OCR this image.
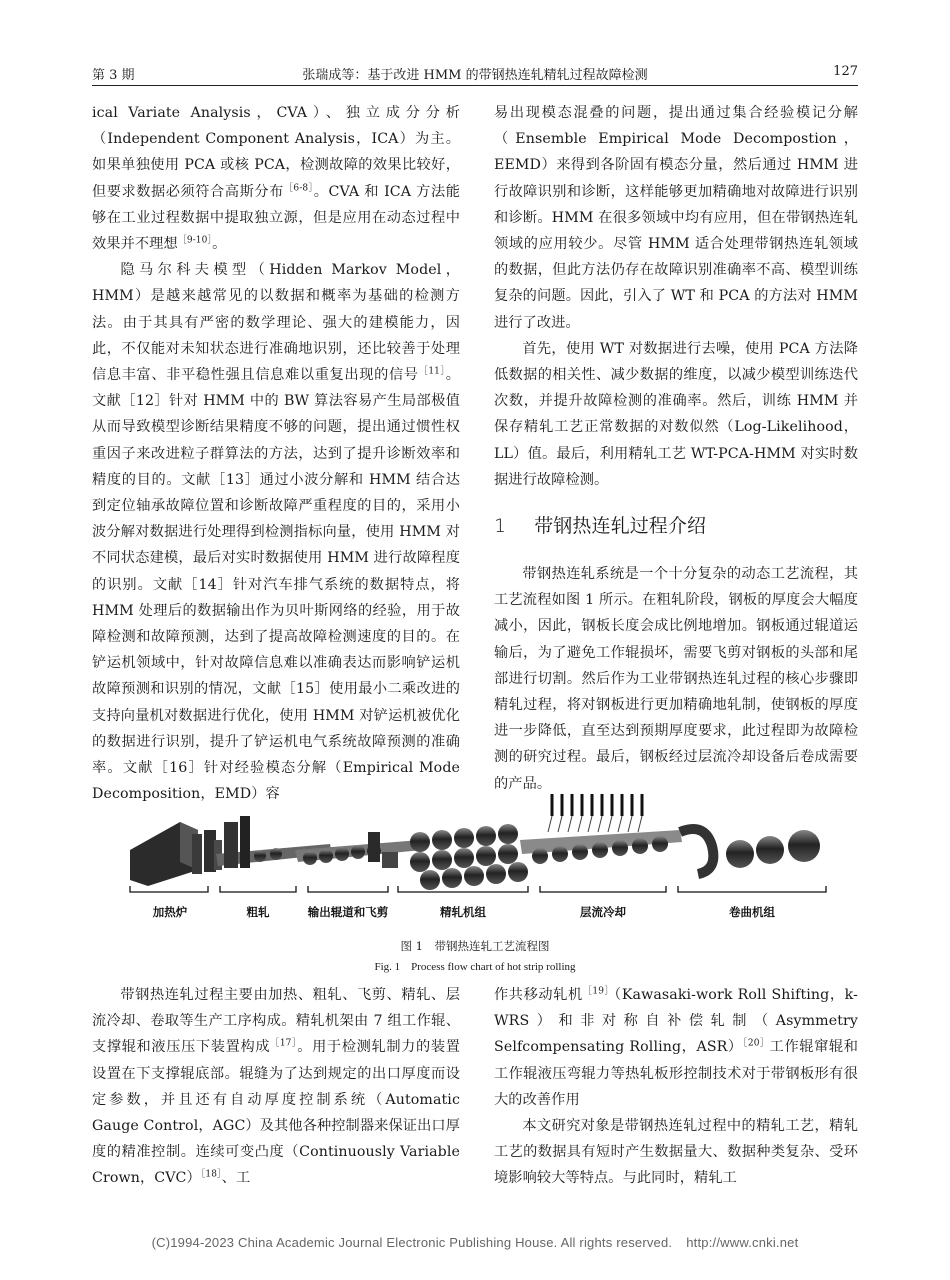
第 3 期	张瑞成等：基于改进 HMM 的带钢热连轧精轧过程故障检测	127

ical Variate Analysis，CVA）、独立成分分析（Independent Component Analysis，ICA）为主。如果单独使用 PCA 或核 PCA，检测故障的效果比较好，但要求数据必须符合高斯分布$^{[6-8]}$。CVA 和 ICA 方法能够在工业过程数据中提取独立源，但是应用在动态过程中效果并不理想$^{[9-10]}$。

隐马尔科夫模型（Hidden Markov Model，HMM）是越来越常见的以数据和概率为基础的检测方法。由于其具有严密的数学理论、强大的建模能力，因此，不仅能对未知状态进行准确地识别，还比较善于处理信息丰富、非平稳性强且信息难以重复出现的信号$^{[11]}$。文献［12］针对 HMM 中的 BW 算法容易产生局部极值从而导致模型诊断结果精度不够的问题，提出通过惯性权重因子来改进粒子群算法的方法，达到了提升诊断效率和精度的目的。文献［13］通过小波分解和 HMM 结合达到定位轴承故障位置和诊断故障严重程度的目的，采用小波分解对数据进行处理得到检测指标向量，使用 HMM 对不同状态建模，最后对实时数据使用 HMM 进行故障程度的识别。文献［14］针对汽车排气系统的数据特点，将 HMM 处理后的数据输出作为贝叶斯网络的经验，用于故障检测和故障预测，达到了提高故障检测速度的目的。在铲运机领域中，针对故障信息难以准确表达而影响铲运机故障预测和识别的情况，文献［15］使用最小二乘改进的支持向量机对数据进行优化，使用 HMM 对铲运机被优化的数据进行识别，提升了铲运机电气系统故障预测的准确率。文献［16］针对经验模态分解（Empirical Mode Decomposition，EMD）容

易出现模态混叠的问题，提出通过集合经验模记分解（Ensemble Empirical Mode Decompostion，EEMD）来得到各阶固有模态分量，然后通过 HMM 进行故障识别和诊断，这样能够更加精确地对故障进行识别和诊断。HMM 在很多领域中均有应用，但在带钢热连轧领域的应用较少。尽管 HMM 适合处理带钢热连轧领域的数据，但此方法仍存在故障识别准确率不高、模型训练复杂的问题。因此，引入了 WT 和 PCA 的方法对 HMM 进行了改进。

首先，使用 WT 对数据进行去噪，使用 PCA 方法降低数据的相关性、减少数据的维度，以减少模型训练迭代次数，并提升故障检测的准确率。然后，训练 HMM 并保存精轧工艺正常数据的对数似然（Log-Likelihood，LL）值。最后，利用精轧工艺 WT-PCA-HMM 对实时数据进行故障检测。

1 带钢热连轧过程介绍

带钢热连轧系统是一个十分复杂的动态工艺流程，其工艺流程如图 1 所示。在粗轧阶段，钢板的厚度会大幅度减小，因此，钢板长度会成比例地增加。钢板通过辊道运输后，为了避免工作辊损坏，需要飞剪对钢板的头部和尾部进行切割。然后作为工业带钢热连轧过程的核心步骤即精轧过程，将对钢板进行更加精确地轧制，使钢板的厚度进一步降低，直至达到预期厚度要求，此过程即为故障检测的研究过程。最后，钢板经过层流冷却设备后卷成需要的产品。

加热炉	粗轧	输出辊道和飞剪	精轧机组	层流冷却	卷曲机组
图 1　带钢热连轧工艺流程图
Fig. 1　Process flow chart of hot strip rolling

带钢热连轧过程主要由加热、粗轧、飞剪、精轧、层流冷却、卷取等生产工序构成。精轧机架由 7 组工作辊、支撑辊和液压压下装置构成$^{[17]}$。用于检测轧制力的装置设置在下支撑辊底部。辊缝为了达到规定的出口厚度而设定参数，并且还有自动厚度控制系统（Automatic Gauge Control，AGC）及其他各种控制器来保证出口厚度的精准控制。连续可变凸度（Continuously Variable Crown，CVC）$^{[18]}$、工

作共移动轧机$^{[19]}$（Kawasaki-work Roll Shifting，k-WRS）和非对称自补偿轧制（Asymmetry Selfcompensating Rolling，ASR）$^{[20]}$工作辊窜辊和工作辊液压弯辊力等热轧板形控制技术对于带钢板形有很大的改善作用

本文研究对象是带钢热连轧过程中的精轧工艺，精轧工艺的数据具有短时产生数据量大、数据种类复杂、受环境影响较大等特点。与此同时，精轧工

(C)1994-2023 China Academic Journal Electronic Publishing House. All rights reserved. http://www.cnki.net
